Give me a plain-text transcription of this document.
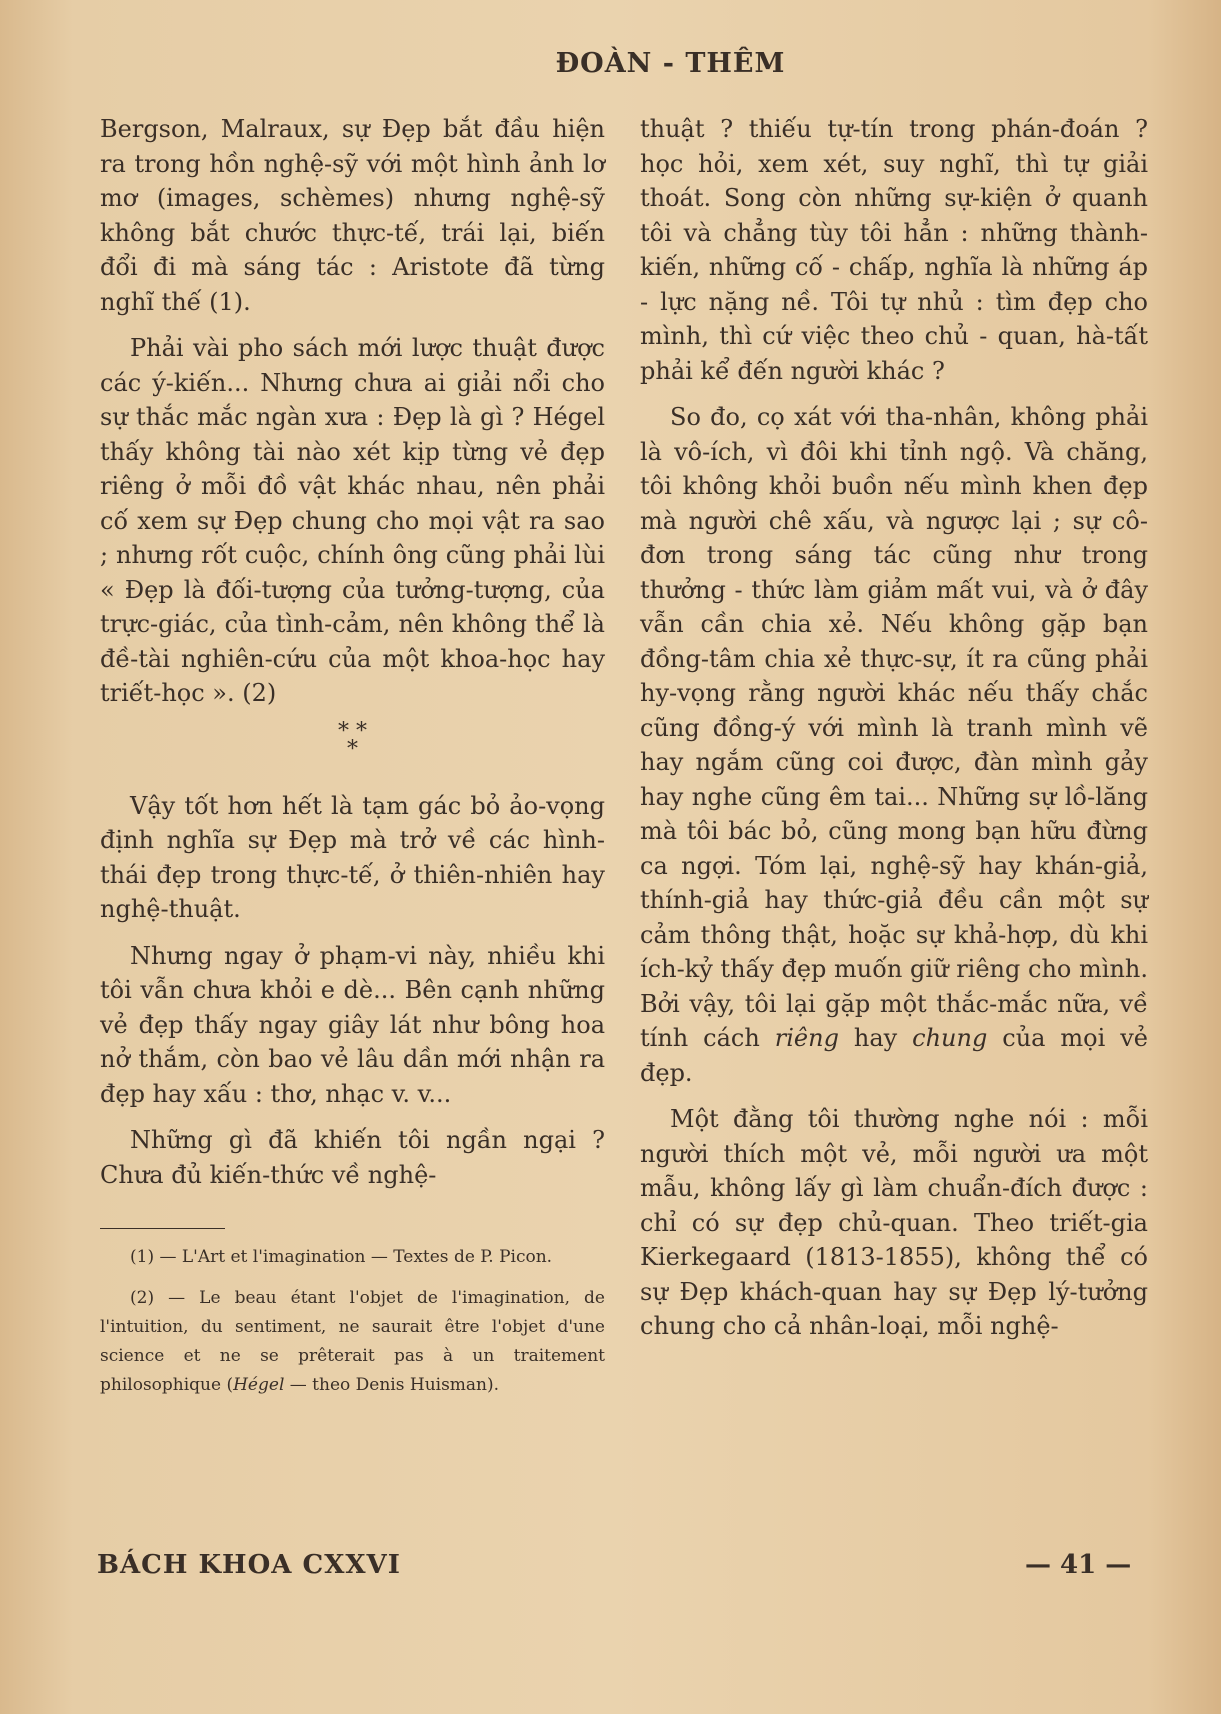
ĐOÀN - THÊM

Bergson, Malraux, sự Đẹp bắt đầu hiện ra trong hồn nghệ-sỹ với một hình ảnh lơ mơ (images, schèmes) nhưng nghệ-sỹ không bắt chước thực-tế, trái lại, biến đổi đi mà sáng tác : Aristote đã từng nghĩ thế (1).

Phải vài pho sách mới lược thuật được các ý-kiến... Nhưng chưa ai giải nổi cho sự thắc mắc ngàn xưa : Đẹp là gì ? Hégel thấy không tài nào xét kịp từng vẻ đẹp riêng ở mỗi đồ vật khác nhau, nên phải cố xem sự Đẹp chung cho mọi vật ra sao ; nhưng rốt cuộc, chính ông cũng phải lùi « Đẹp là đối-tượng của tưởng-tượng, của trực-giác, của tình-cảm, nên không thể là đề-tài nghiên-cứu của một khoa-học hay triết-học ». (2)

* *
*

Vậy tốt hơn hết là tạm gác bỏ ảo-vọng định nghĩa sự Đẹp mà trở về các hình-thái đẹp trong thực-tế, ở thiên-nhiên hay nghệ-thuật.

Nhưng ngay ở phạm-vi này, nhiều khi tôi vẫn chưa khỏi e dè... Bên cạnh những vẻ đẹp thấy ngay giây lát như bông hoa nở thắm, còn bao vẻ lâu dần mới nhận ra đẹp hay xấu : thơ, nhạc v. v...

Những gì đã khiến tôi ngần ngại ? Chưa đủ kiến-thức về nghệ-

(1) — L'Art et l'imagination — Textes de P. Picon.

(2) — Le beau étant l'objet de l'imagination, de l'intuition, du sentiment, ne saurait être l'objet d'une science et ne se prêterait pas à un traitement philosophique (Hégel — theo Denis Huisman).

thuật ? thiếu tự-tín trong phán-đoán ? học hỏi, xem xét, suy nghĩ, thì tự giải thoát. Song còn những sự-kiện ở quanh tôi và chẳng tùy tôi hẳn : những thành-kiến, những cố - chấp, nghĩa là những áp - lực nặng nề. Tôi tự nhủ : tìm đẹp cho mình, thì cứ việc theo chủ - quan, hà-tất phải kể đến người khác ?

So đo, cọ xát với tha-nhân, không phải là vô-ích, vì đôi khi tỉnh ngộ. Và chăng, tôi không khỏi buồn nếu mình khen đẹp mà người chê xấu, và ngược lại ; sự cô-đơn trong sáng tác cũng như trong thưởng - thức làm giảm mất vui, và ở đây vẫn cần chia xẻ. Nếu không gặp bạn đồng-tâm chia xẻ thực-sự, ít ra cũng phải hy-vọng rằng người khác nếu thấy chắc cũng đồng-ý với mình là tranh mình vẽ hay ngắm cũng coi được, đàn mình gảy hay nghe cũng êm tai... Những sự lồ-lăng mà tôi bác bỏ, cũng mong bạn hữu đừng ca ngợi. Tóm lại, nghệ-sỹ hay khán-giả, thính-giả hay thức-giả đều cần một sự cảm thông thật, hoặc sự khả-hợp, dù khi ích-kỷ thấy đẹp muốn giữ riêng cho mình. Bởi vậy, tôi lại gặp một thắc-mắc nữa, về tính cách riêng hay chung của mọi vẻ đẹp.

Một đằng tôi thường nghe nói : mỗi người thích một vẻ, mỗi người ưa một mẫu, không lấy gì làm chuẩn-đích được : chỉ có sự đẹp chủ-quan. Theo triết-gia Kierkegaard (1813-1855), không thể có sự Đẹp khách-quan hay sự Đẹp lý-tưởng chung cho cả nhân-loại, mỗi nghệ-

BÁCH KHOA CXXVI	— 41 —
